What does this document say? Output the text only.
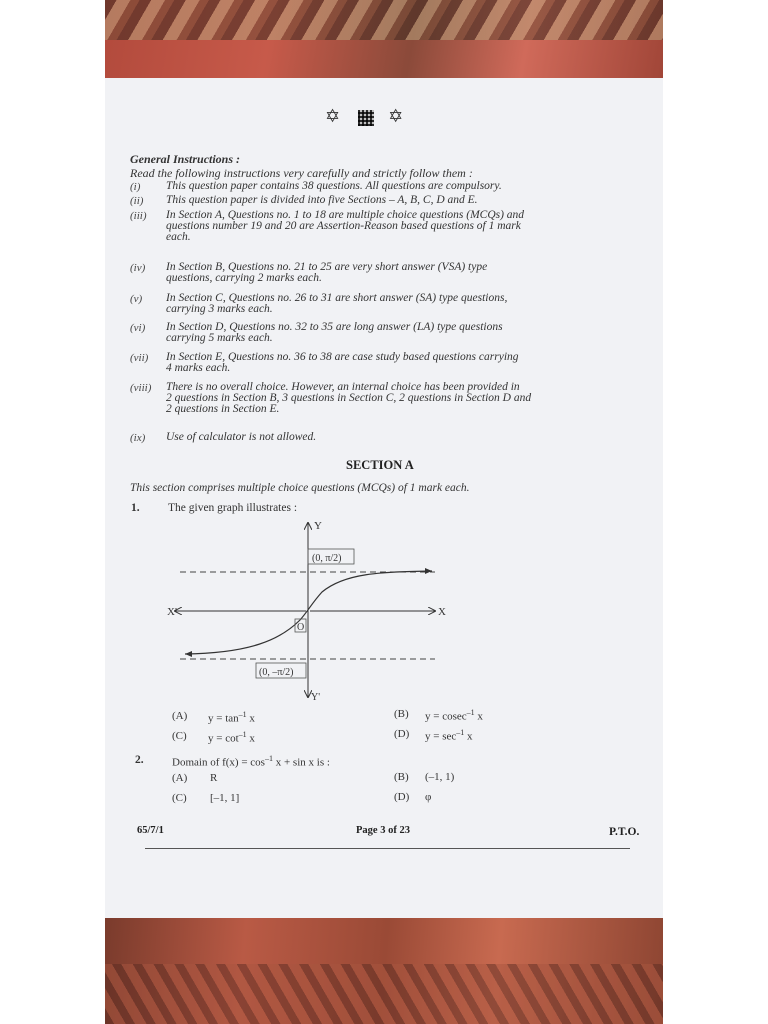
✡ ✡
General Instructions :
Read the following instructions very carefully and strictly follow them :
(i) This question paper contains 38 questions. All questions are compulsory.
(ii) This question paper is divided into five Sections – A, B, C, D and E.
(iii) In Section A, Questions no. 1 to 18 are multiple choice questions (MCQs) and
questions number 19 and 20 are Assertion-Reason based questions of 1 mark
each.
(iv) In Section B, Questions no. 21 to 25 are very short answer (VSA) type
questions, carrying 2 marks each.
(v) In Section C, Questions no. 26 to 31 are short answer (SA) type questions,
carrying 3 marks each.
(vi) In Section D, Questions no. 32 to 35 are long answer (LA) type questions
carrying 5 marks each.
(vii) In Section E, Questions no. 36 to 38 are case study based questions carrying
4 marks each.
(viii) There is no overall choice. However, an internal choice has been provided in
2 questions in Section B, 3 questions in Section C, 2 questions in Section D and
2 questions in Section E.
(ix) Use of calculator is not allowed.
SECTION A
This section comprises multiple choice questions (MCQs) of 1 mark each.
1. The given graph illustrates :
Y
Y'
X
X'
O
(0, π/2)
(0, –π/2)
(A) $y = \tan^{-1} x$	(B) y = cosec$^{-1}$ x
(C) $y = \cot^{-1} x$	(D) $y = \sec^{-1} x$
2.	Domain of $f(x) = \cos^{-1} x + \sin x$ is :
(A) R	(B) (–1, 1)
(C) [–1, 1]	(D) φ
65/7/1	Page 3 of 23	P.T.O.
